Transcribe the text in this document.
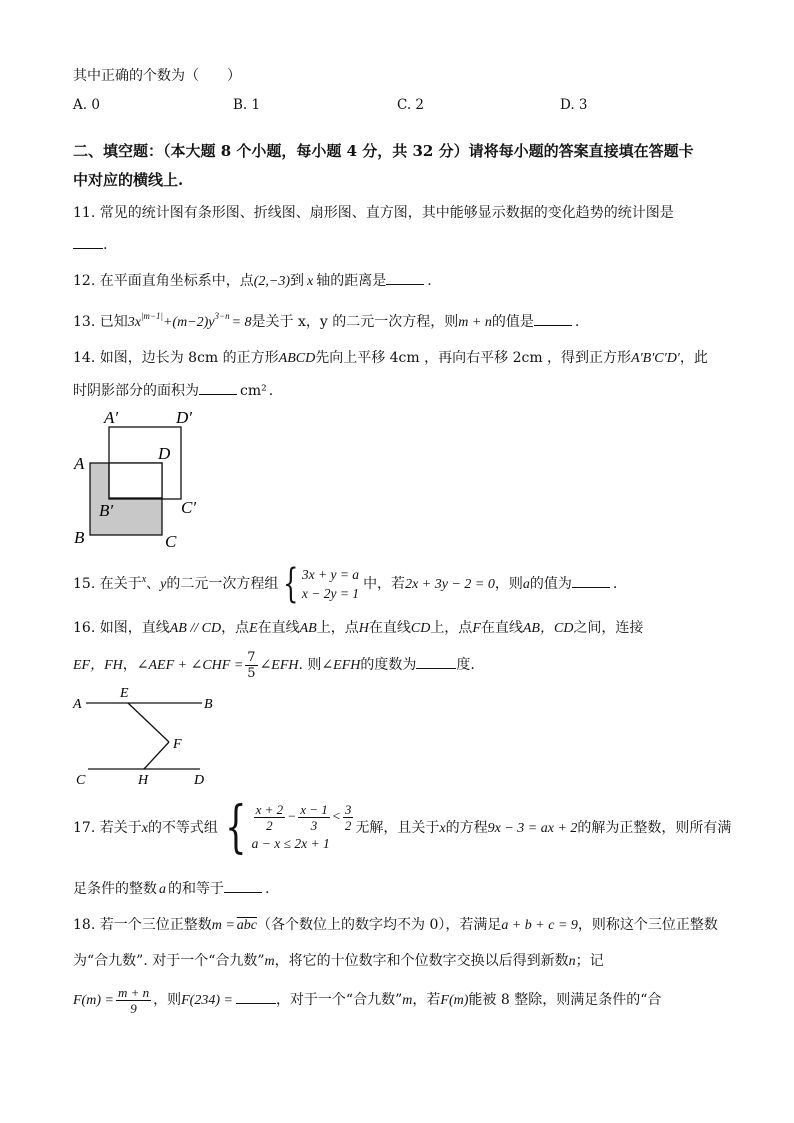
其中正确的个数为（　　）
A. 0	B. 1	C. 2	D. 3
二、填空题：（本大题 8 个小题，每小题 4 分，共 32 分）请将每小题的答案直接填在答题卡
中对应的横线上.
11. 常见的统计图有条形图、折线图、扇形图、直方图，其中能够显示数据的变化趋势的统计图是
.
12. 在平面直角坐标系中，点(2,−3)到 x 轴的距离是	.
13. 已知$3x^{|m-1|}+(m-2)y^{3-n} = 8$是关于 x，y 的二元一次方程，则m + n的值是	.
14. 如图，边长为 8cm 的正方形ABCD先向上平移 4cm ，再向右平移 2cm ，得到正方形A′B′C′D′，此
时阴影部分的面积为	cm² .
A′	D′
A
D
B′	C′
B	C
15. 在关于$^x$、y的二元一次方程组 { 3x + y = a
x − 2y = 1
中，若2x + 3y − 2 = 0，则a的值为	.
16. 如图，直线AB // CD，点E在直线AB上，点H在直线CD上，点F在直线AB，CD之间，连接
EF，FH，∠AEF + ∠CHF = $\frac{7}{5}$ ∠EFH. 则∠EFH的度数为	度.
A
E
B
F
C	H	D
17. 若关于x的不等式组 { $\frac{x + 2}{2} - \frac{x - 1}{3} < \frac{3}{2}$
a − x ≤ 2x + 1
无解，且关于x的方程9x − 3 = ax + 2的解为正整数，则所有满
足条件的整数 a 的和等于	.
18. 若一个三位正整数$m = \overline{abc}$（各个数位上的数字均不为 0），若满足a + b + c = 9，则称这个三位正整数
为“合九数”. 对于一个“合九数”m，将它的十位数字和个位数字交换以后得到新数n；记
$F(m) = \frac{m + n}{9}$ ，则F(234) =	，对于一个“合九数”m，若F(m)能被 8 整除，则满足条件的“合
